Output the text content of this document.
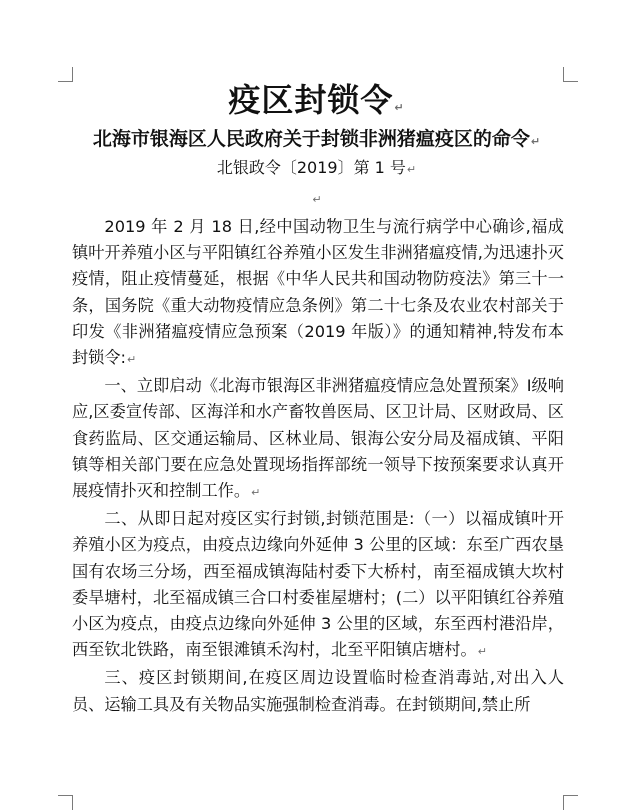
疫区封锁令↵
北海市银海区人民政府关于封锁非洲猪瘟疫区的命令↵
北银政令〔2019〕第 1 号↵
↵

2019 年 2 月 18 日,经中国动物卫生与流行病学中心确诊,福成镇叶开养殖小区与平阳镇红谷养殖小区发生非洲猪瘟疫情,为迅速扑灭疫情，阻止疫情蔓延，根据《中华人民共和国动物防疫法》第三十一条，国务院《重大动物疫情应急条例》第二十七条及农业农村部关于印发《非洲猪瘟疫情应急预案（2019 年版）》的通知精神,特发布本封锁令:↵

一、立即启动《北海市银海区非洲猪瘟疫情应急处置预案》I级响应,区委宣传部、区海洋和水产畜牧兽医局、区卫计局、区财政局、区食药监局、区交通运输局、区林业局、银海公安分局及福成镇、平阳镇等相关部门要在应急处置现场指挥部统一领导下按预案要求认真开展疫情扑灭和控制工作。↵

二、从即日起对疫区实行封锁,封锁范围是:（一）以福成镇叶开养殖小区为疫点，由疫点边缘向外延伸 3 公里的区域：东至广西农垦国有农场三分场，西至福成镇海陆村委下大桥村，南至福成镇大坎村委旱塘村，北至福成镇三合口村委崔屋塘村；(二）以平阳镇红谷养殖小区为疫点，由疫点边缘向外延伸 3 公里的区域，东至西村港沿岸，西至钦北铁路，南至银滩镇禾沟村，北至平阳镇店塘村。↵

三、疫区封锁期间,在疫区周边设置临时检查消毒站,对出入人员、运输工具及有关物品实施强制检查消毒。在封锁期间,禁止所
